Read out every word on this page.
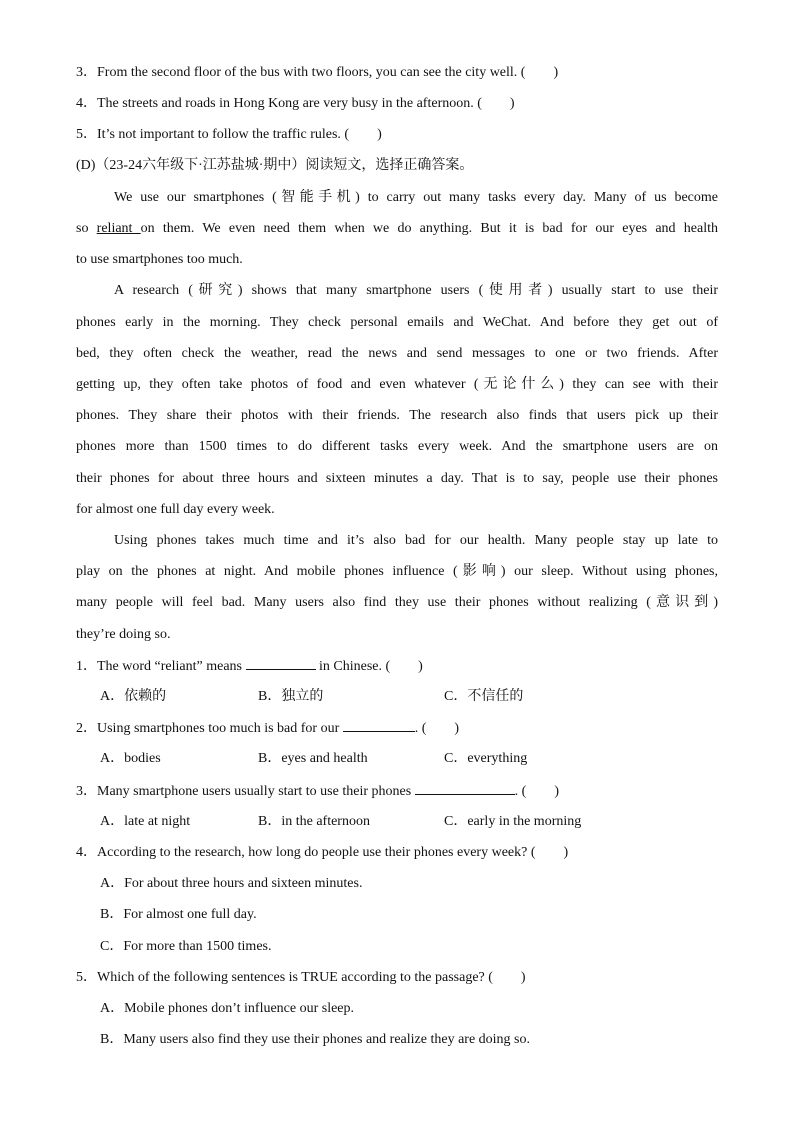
3．From the second floor of the bus with two floors, you can see the city well. ( )
4．The streets and roads in Hong Kong are very busy in the afternoon. ( )
5．It’s not important to follow the traffic rules. ( )
(D)（23-24六年级下·江苏盐城·期中）阅读短文，选择正确答案。
We use our smartphones (智能手机) to carry out many tasks every day. Many of us become
so reliant on them. We even need them when we do anything. But it is bad for our eyes and health
to use smartphones too much.
A research (研究) shows that many smartphone users (使用者) usually start to use their
phones early in the morning. They check personal emails and WeChat. And before they get out of
bed, they often check the weather, read the news and send messages to one or two friends. After
getting up, they often take photos of food and even whatever (无论什么) they can see with their
phones. They share their photos with their friends. The research also finds that users pick up their
phones more than 1500 times to do different tasks every week. And the smartphone users are on
their phones for about three hours and sixteen minutes a day. That is to say, people use their phones
for almost one full day every week.
Using phones takes much time and it’s also bad for our health. Many people stay up late to
play on the phones at night. And mobile phones influence (影响) our sleep. Without using phones,
many people will feel bad. Many users also find they use their phones without realizing (意识到)
they’re doing so.
1．The word “reliant” means	in Chinese. ( )
A．依赖的	B．独立的	C．不信任的
2．Using smartphones too much is bad for our	. ( )
A．bodies	B．eyes and health	C．everything
3．Many smartphone users usually start to use their phones	. ( )
A．late at night	B．in the afternoon	C．early in the morning
4．According to the research, how long do people use their phones every week? ( )
A．For about three hours and sixteen minutes.
B．For almost one full day.
C．For more than 1500 times.
5．Which of the following sentences is TRUE according to the passage? ( )
A．Mobile phones don’t influence our sleep.
B．Many users also find they use their phones and realize they are doing so.
